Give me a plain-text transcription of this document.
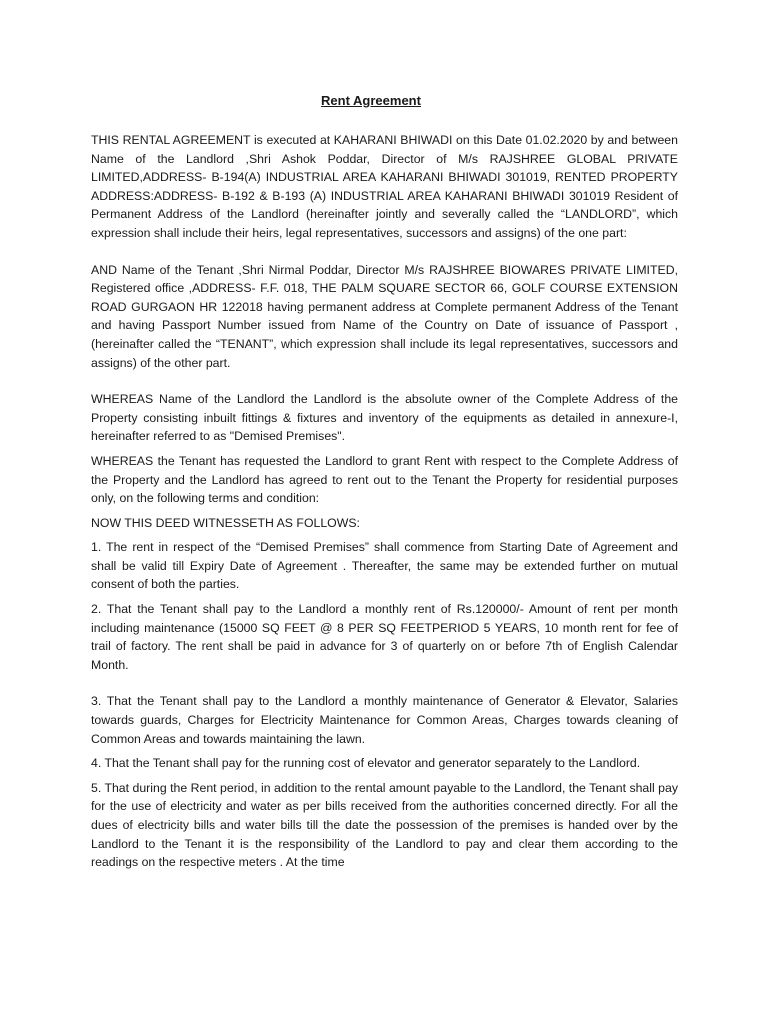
Rent Agreement

THIS RENTAL AGREEMENT is executed at KAHARANI BHIWADI on this Date 01.02.2020 by and between Name of the Landlord ,Shri Ashok Poddar, Director of M/s RAJSHREE GLOBAL PRIVATE LIMITED,ADDRESS- B-194(A) INDUSTRIAL AREA KAHARANI BHIWADI 301019, RENTED PROPERTY ADDRESS:ADDRESS- B-192 & B-193 (A) INDUSTRIAL AREA KAHARANI BHIWADI 301019 Resident of Permanent Address of the Landlord (hereinafter jointly and severally called the “LANDLORD”, which expression shall include their heirs, legal representatives, successors and assigns) of the one part:

AND Name of the Tenant ,Shri Nirmal Poddar, Director M/s RAJSHREE BIOWARES PRIVATE LIMITED, Registered office ,ADDRESS- F.F. 018, THE PALM SQUARE SECTOR 66, GOLF COURSE EXTENSION ROAD GURGAON HR 122018 having permanent address at Complete permanent Address of the Tenant and having Passport Number issued from Name of the Country on Date of issuance of Passport , (hereinafter called the “TENANT”, which expression shall include its legal representatives, successors and assigns) of the other part.

WHEREAS Name of the Landlord the Landlord is the absolute owner of the Complete Address of the Property consisting inbuilt fittings & fixtures and inventory of the equipments as detailed in annexure-I, hereinafter referred to as "Demised Premises".

WHEREAS the Tenant has requested the Landlord to grant Rent with respect to the Complete Address of the Property and the Landlord has agreed to rent out to the Tenant the Property for residential purposes only, on the following terms and condition:

NOW THIS DEED WITNESSETH AS FOLLOWS:

1. The rent in respect of the “Demised Premises” shall commence from Starting Date of Agreement and shall be valid till Expiry Date of Agreement . Thereafter, the same may be extended further on mutual consent of both the parties.

2. That the Tenant shall pay to the Landlord a monthly rent of Rs.120000/- Amount of rent per month including maintenance (15000 SQ FEET @ 8 PER SQ FEETPERIOD 5 YEARS, 10 month rent for fee of trail of factory. The rent shall be paid in advance for 3 of quarterly on or before 7th of English Calendar Month.

3. That the Tenant shall pay to the Landlord a monthly maintenance of Generator & Elevator, Salaries towards guards, Charges for Electricity Maintenance for Common Areas, Charges towards cleaning of Common Areas and towards maintaining the lawn.

4. That the Tenant shall pay for the running cost of elevator and generator separately to the Landlord.

5. That during the Rent period, in addition to the rental amount payable to the Landlord, the Tenant shall pay for the use of electricity and water as per bills received from the authorities concerned directly. For all the dues of electricity bills and water bills till the date the possession of the premises is handed over by the Landlord to the Tenant it is the responsibility of the Landlord to pay and clear them according to the readings on the respective meters . At the time
